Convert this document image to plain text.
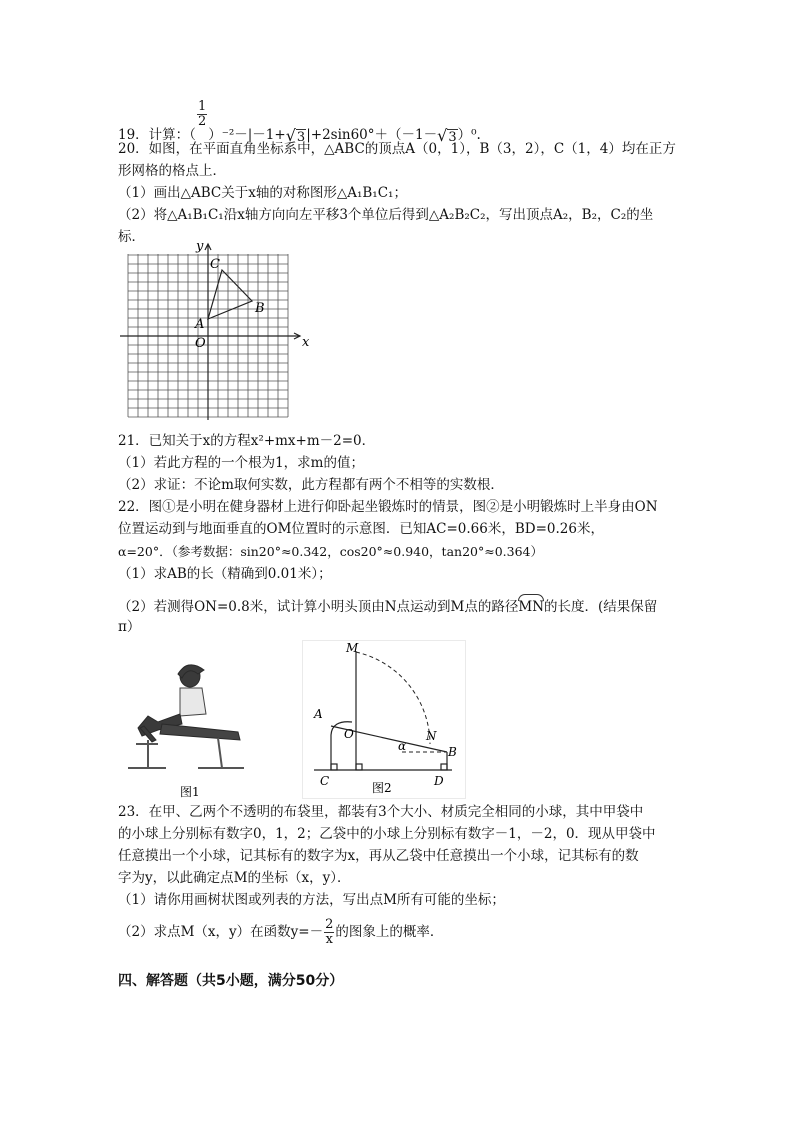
19．计算：（
$\frac{1}{2}$
）⁻²－|－1+√3|+2sin60°＋（－1－√3）⁰.
20．如图，在平面直角坐标系中，△ABC的顶点A（0，1），B（3，2），C（1，4）均在正方
形网格的格点上．
（1）画出△ABC关于x轴的对称图形△A₁B₁C₁；
（2）将△A₁B₁C₁沿x轴方向向左平移3个单位后得到△A₂B₂C₂，写出顶点A₂，B₂，C₂的坐
标．
x
y
O
A
B
C
21．已知关于x的方程x²+mx+m－2=0．
（1）若此方程的一个根为1，求m的值；
（2）求证：不论m取何实数，此方程都有两个不相等的实数根．
22．图①是小明在健身器材上进行仰卧起坐锻炼时的情景，图②是小明锻炼时上半身由ON
位置运动到与地面垂直的OM位置时的示意图．已知AC=0.66米，BD=0.26米，
α=20°．（参考数据：sin20°≈0.342，cos20°≈0.940，tan20°≈0.364）
（1）求AB的长（精确到0.01米）；
（2）若测得ON=0.8米，试计算小明头顶由N点运动到M点的路径MN的长度．(结果保留
π）
图1
M
A
O	N
B
C	D
α
图2
23．在甲、乙两个不透明的布袋里，都装有3个大小、材质完全相同的小球，其中甲袋中
的小球上分别标有数字0，1，2；乙袋中的小球上分别标有数字－1，－2，0．现从甲袋中
任意摸出一个小球，记其标有的数字为x，再从乙袋中任意摸出一个小球，记其标有的数
字为y，以此确定点M的坐标（x，y）．
（1）请你用画树状图或列表的方法，写出点M所有可能的坐标；
（2）求点M（x，y）在函数$y=- \frac{2}{x}$ 的图象上的概率．
四、解答题（共5小题，满分50分）
